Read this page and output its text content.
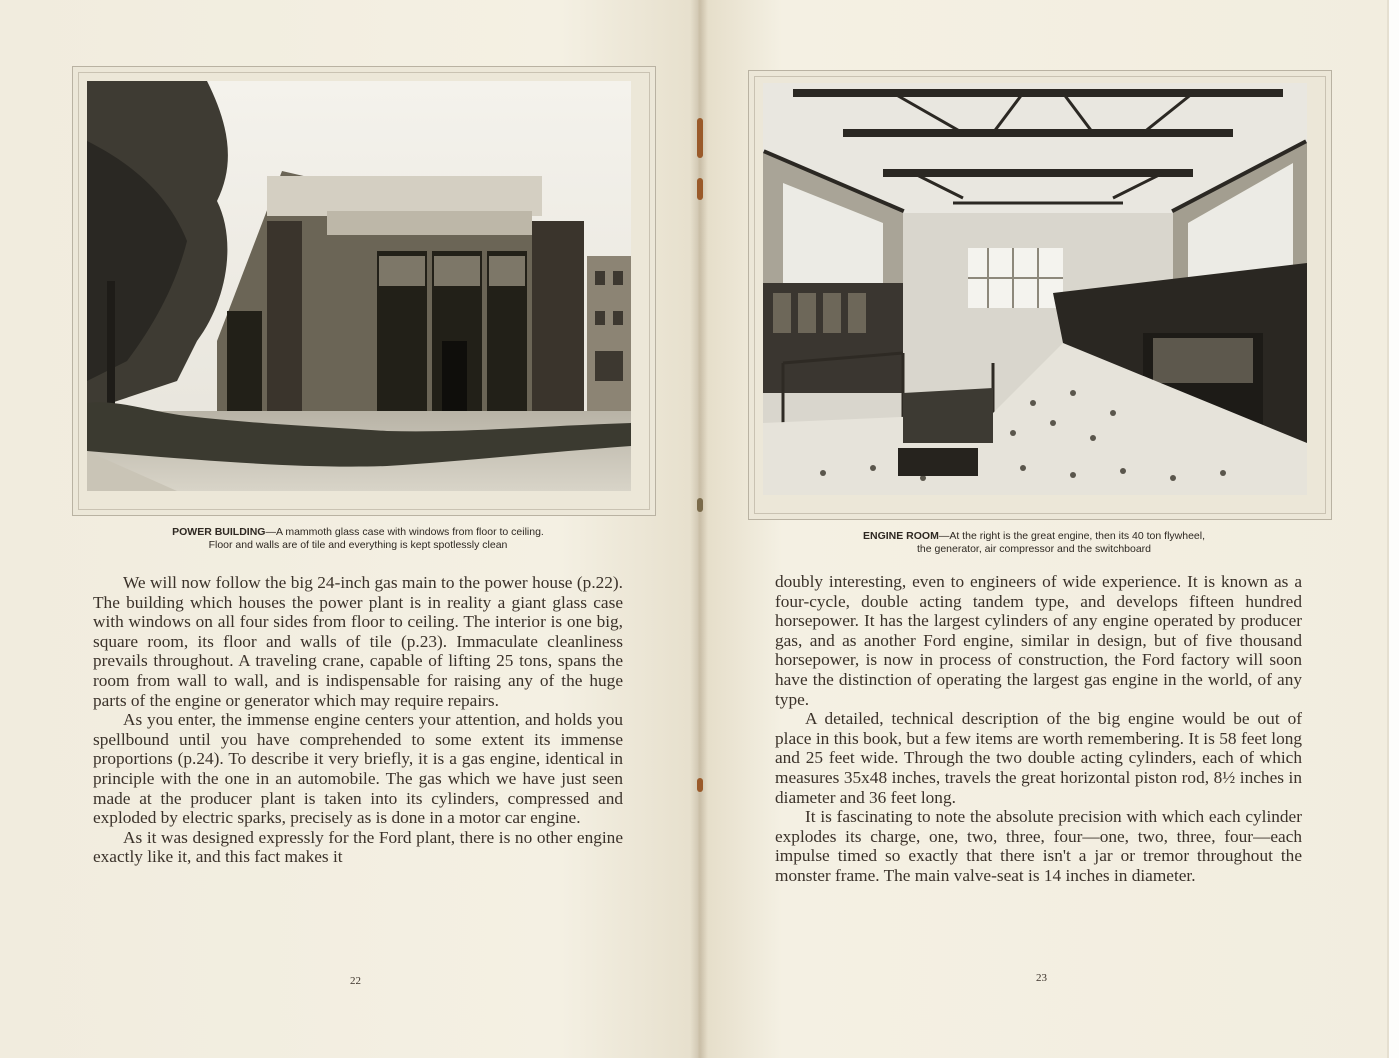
POWER BUILDING—A mammoth glass case with windows from floor to ceiling.
Floor and walls are of tile and everything is kept spotlessly clean

We will now follow the big 24-inch gas main to the power house (p.22). The building which houses the power plant is in reality a giant glass case with windows on all four sides from floor to ceiling. The interior is one big, square room, its floor and walls of tile (p.23). Immaculate cleanliness prevails throughout. A traveling crane, capable of lifting 25 tons, spans the room from wall to wall, and is indispensable for raising any of the huge parts of the engine or generator which may require repairs.

As you enter, the immense engine centers your attention, and holds you spellbound until you have comprehended to some extent its immense proportions (p.24). To describe it very briefly, it is a gas engine, identical in principle with the one in an automobile. The gas which we have just seen made at the producer plant is taken into its cylinders, compressed and exploded by electric sparks, precisely as is done in a motor car engine.

As it was designed expressly for the Ford plant, there is no other engine exactly like it, and this fact makes it

22
ENGINE ROOM—At the right is the great engine, then its 40 ton flywheel,
the generator, air compressor and the switchboard

doubly interesting, even to engineers of wide experience. It is known as a four-cycle, double acting tandem type, and develops fifteen hundred horsepower. It has the largest cylinders of any engine operated by producer gas, and as another Ford engine, similar in design, but of five thousand horsepower, is now in process of construction, the Ford factory will soon have the distinction of operating the largest gas engine in the world, of any type.

A detailed, technical description of the big engine would be out of place in this book, but a few items are worth remembering. It is 58 feet long and 25 feet wide. Through the two double acting cylinders, each of which measures 35x48 inches, travels the great horizontal piston rod, 8½ inches in diameter and 36 feet long.

It is fascinating to note the absolute precision with which each cylinder explodes its charge, one, two, three, four—one, two, three, four—each impulse timed so exactly that there isn't a jar or tremor throughout the monster frame. The main valve-seat is 14 inches in diameter.

23
